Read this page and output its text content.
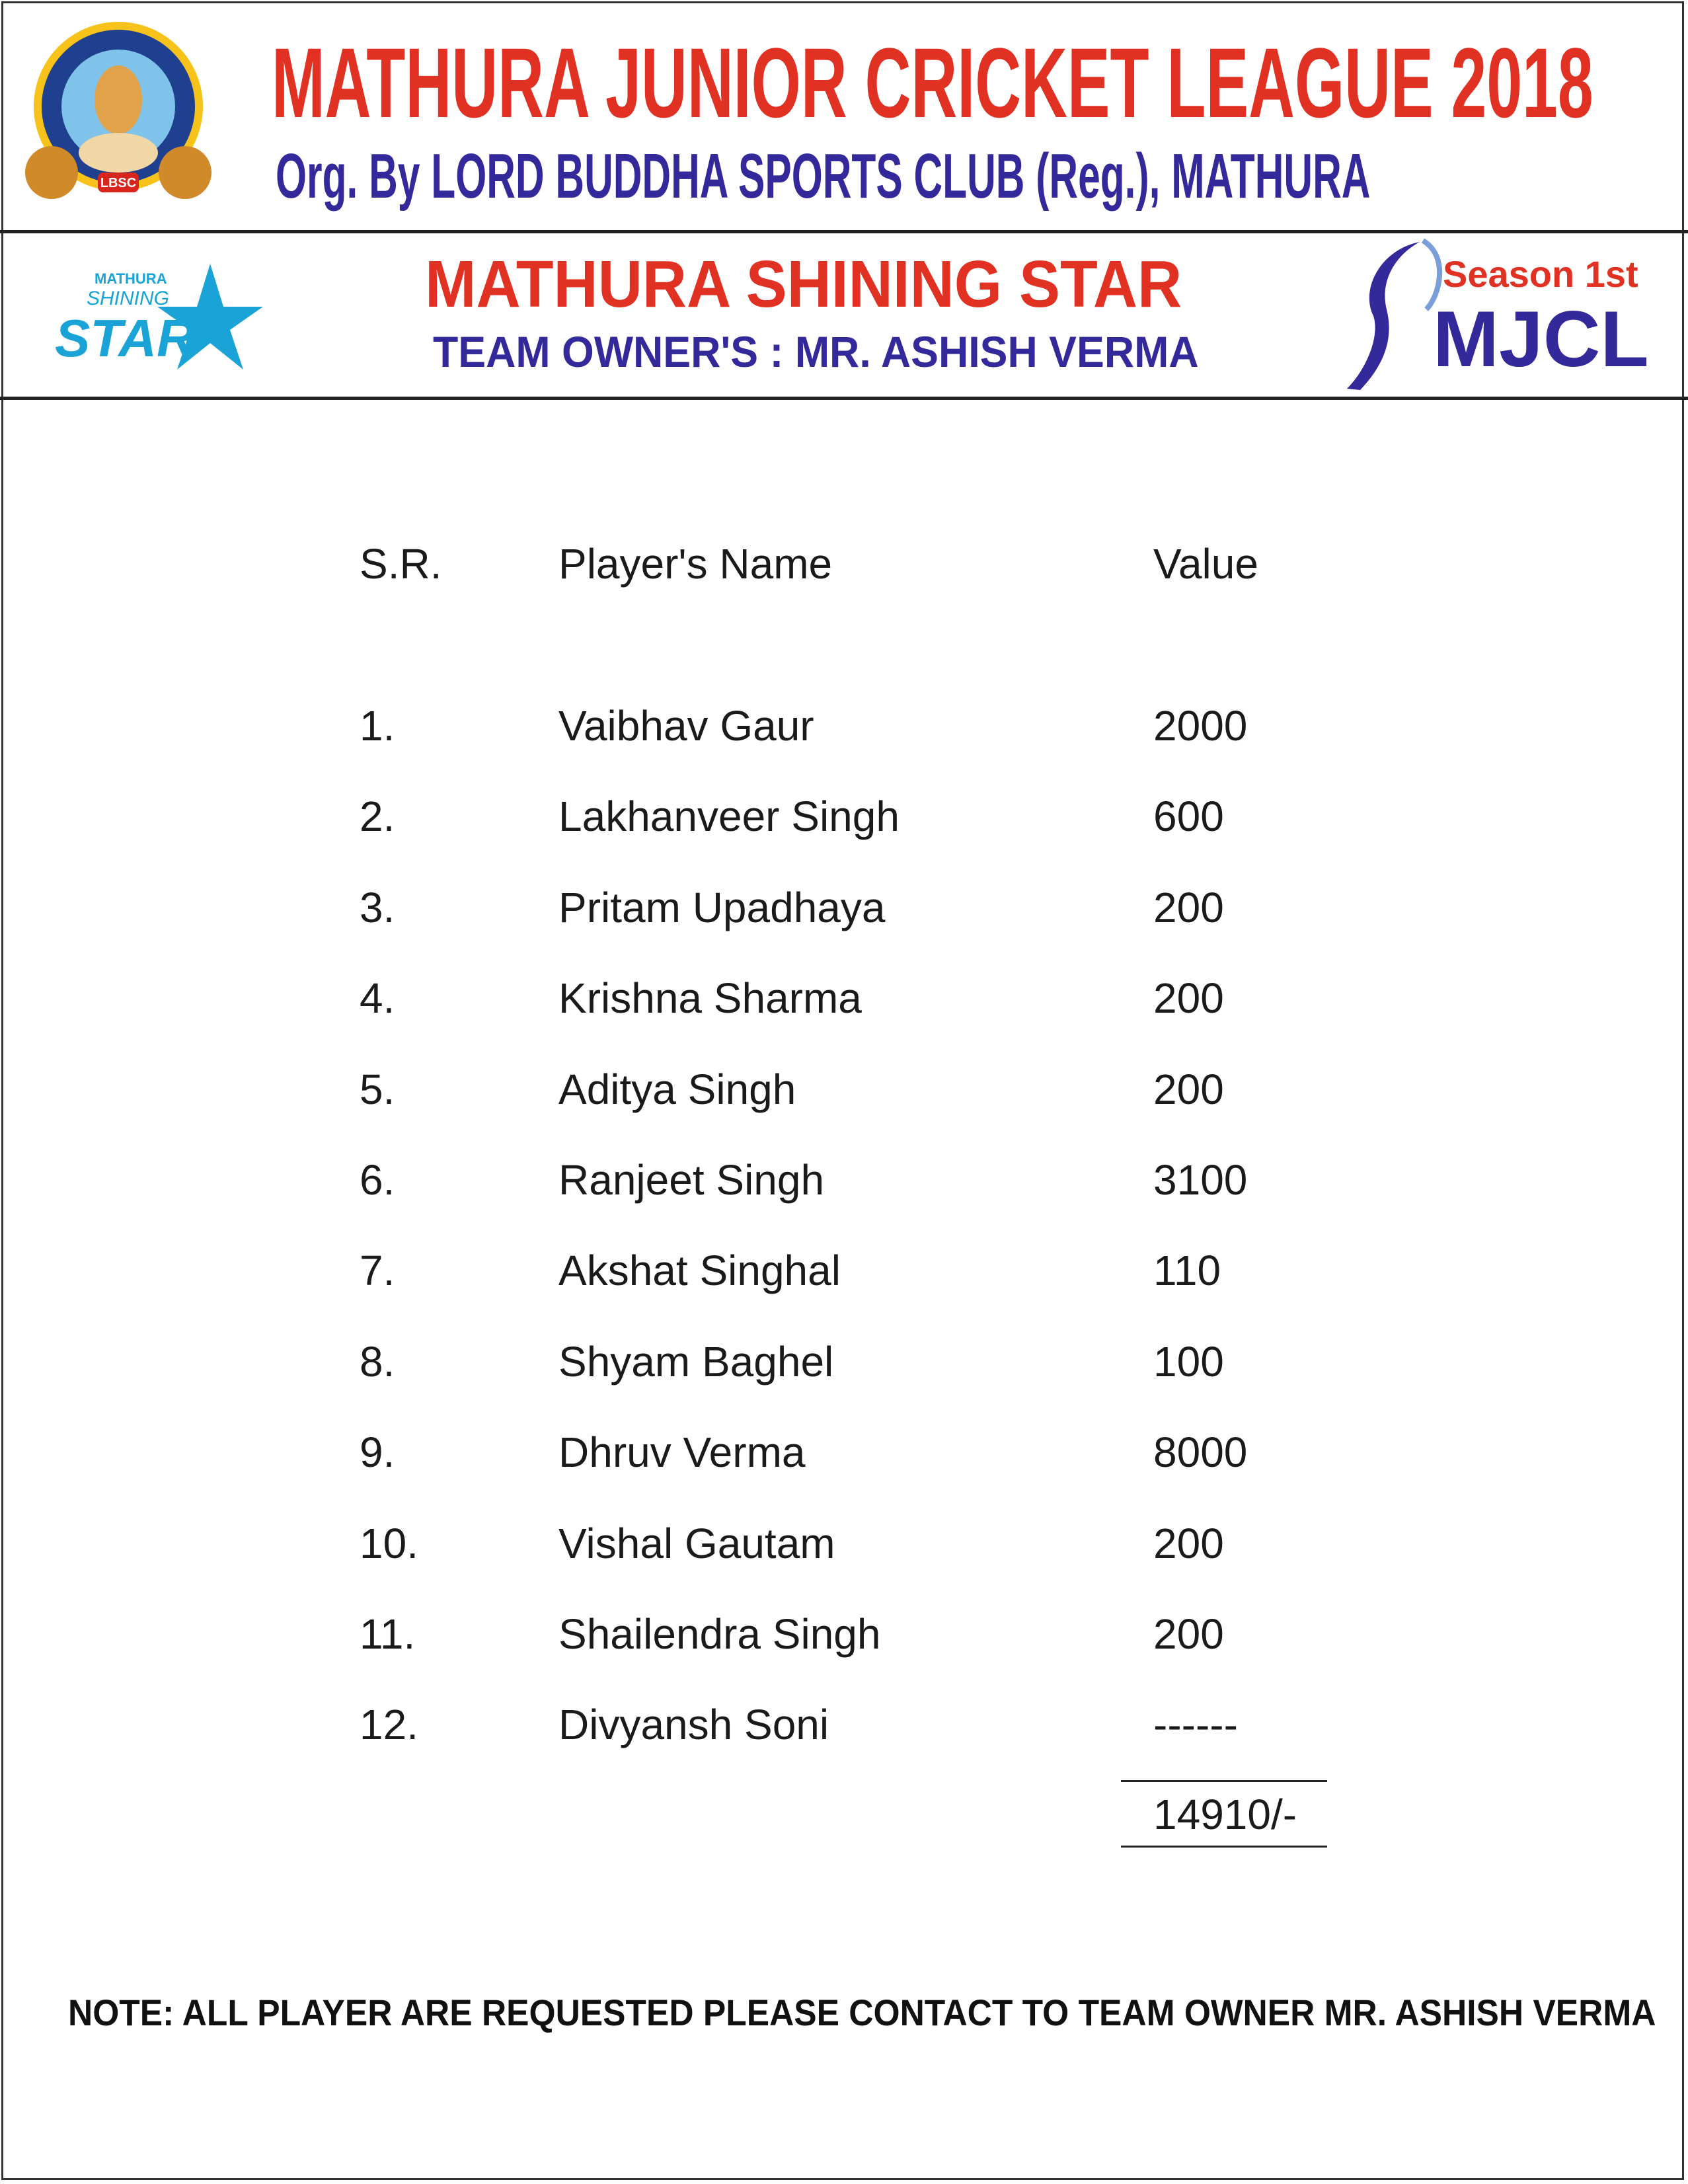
LBSC
MATHURA JUNIOR CRICKET LEAGUE 2018
Org. By LORD BUDDHA SPORTS CLUB (Reg.), MATHURA
MATHURA
SHINING
STAR
MATHURA SHINING STAR
TEAM OWNER'S : MR. ASHISH VERMA
Season 1st
MJCL
S.R.	Player's Name	Value
1.	Vaibhav Gaur	2000
2.	Lakhanveer Singh	600
3.	Pritam Upadhaya	200
4.	Krishna Sharma	200
5.	Aditya Singh	200
6.	Ranjeet Singh	3100
7.	Akshat Singhal	110
8.	Shyam Baghel	100
9.	Dhruv Verma	8000
10.	Vishal Gautam	200
11.	Shailendra Singh	200
12.	Divyansh Soni	------
14910/-
NOTE: ALL PLAYER ARE REQUESTED PLEASE CONTACT TO TEAM OWNER MR. ASHISH VERMA
